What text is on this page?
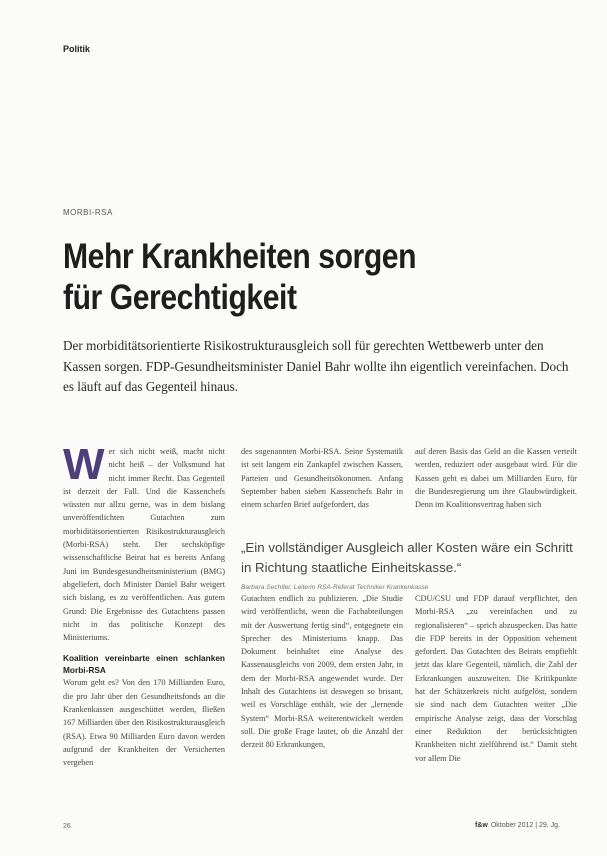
Politik
MORBI-RSA
Mehr Krankheiten sorgen
für Gerechtigkeit

Der morbiditätsorientierte Risikostrukturausgleich soll für gerechten Wettbewerb unter den Kassen sorgen. FDP-Gesundheitsminister Daniel Bahr wollte ihn eigentlich vereinfachen. Doch es läuft auf das Gegenteil hinaus.

W er sich nicht weiß, macht nicht nicht heiß – der Volksmund hat nicht immer Recht. Das Gegenteil ist derzeit der Fall. Und die Kassenchefs wüssten nur allzu gerne, was in dem bislang unveröffentlichten Gutachten zum morbiditätsorientierten Risikostrukturausgleich (Morbi-RSA) steht. Der sechsköpfige wissenschaftliche Beirat hat es bereits Anfang Juni im Bundesgesundheitsministerium (BMG) abgeliefert, doch Minister Daniel Bahr weigert sich bislang, es zu veröffentlichen. Aus gutem Grund: Die Ergebnisse des Gutachtens passen nicht in das politische Konzept des Ministeriums.

Koalition vereinbarte einen schlanken Morbi-RSA

Worum geht es? Von den 170 Milliarden Euro, die pro Jahr über den Gesundheitsfonds an die Krankenkassen ausgeschüttet werden, fließen 167 Milliarden über den Risikostrukturausgleich (RSA). Etwa 90 Milliarden Euro davon werden aufgrund der Krankheiten der Versicherten vergeben

des sogenannten Morbi-RSA. Seine Systematik ist seit langem ein Zankapfel zwischen Kassen, Parteien und Gesundheitsökonomen. Anfang September haben sieben Kassenchefs Bahr in einem scharfen Brief aufgefordert, das

auf deren Basis das Geld an die Kassen verteilt werden, reduziert oder ausgebaut wird. Für die Kassen geht es dabei um Milliarden Euro, für die Bundesregierung um ihre Glaubwürdigkeit. Denn im Koalitionsvertrag haben sich

„Ein vollständiger Ausgleich aller Kosten wäre ein Schritt in Richtung staatliche Einheitskasse.“
Barbara Sechtler, Leiterin RSA-Referat Techniker Krankenkasse

Gutachten endlich zu publizieren. „Die Studie wird veröffentlicht, wenn die Fachabteilungen mit der Auswertung fertig sind“, entgegnete ein Sprecher des Ministeriums knapp. Das Dokument beinhaltet eine Analyse des Kassenausgleichs von 2009, dem ersten Jahr, in dem der Morbi-RSA angewendet wurde. Der Inhalt des Gutachtens ist deswegen so brisant, weil es Vorschläge enthält, wie der „lernende System“ Morbi-RSA weiterentwickelt werden soll. Die große Frage lautet, ob die Anzahl der derzeit 80 Erkrankungen,

CDU/CSU und FDP darauf verpflichtet, den Morbi-RSA „zu vereinfachen und zu regionalisieren“ – sprich abzuspecken. Das hatte die FDP bereits in der Opposition vehement gefordert. Das Gutachten des Beirats empfiehlt jetzt das klare Gegenteil, nämlich, die Zahl der Erkrankungen auszuweiten. Die Kritikpunkte hat der Schätzerkreis nicht aufgelöst, sondern sie sind nach dem Gutachten weiter „Die empirische Analyse zeigt, dass der Vorschlag einer Reduktion der berücksichtigten Krankheiten nicht zielführend ist.“ Damit steht vor allem Die

26	f&w Oktober 2012 | 29. Jg.
